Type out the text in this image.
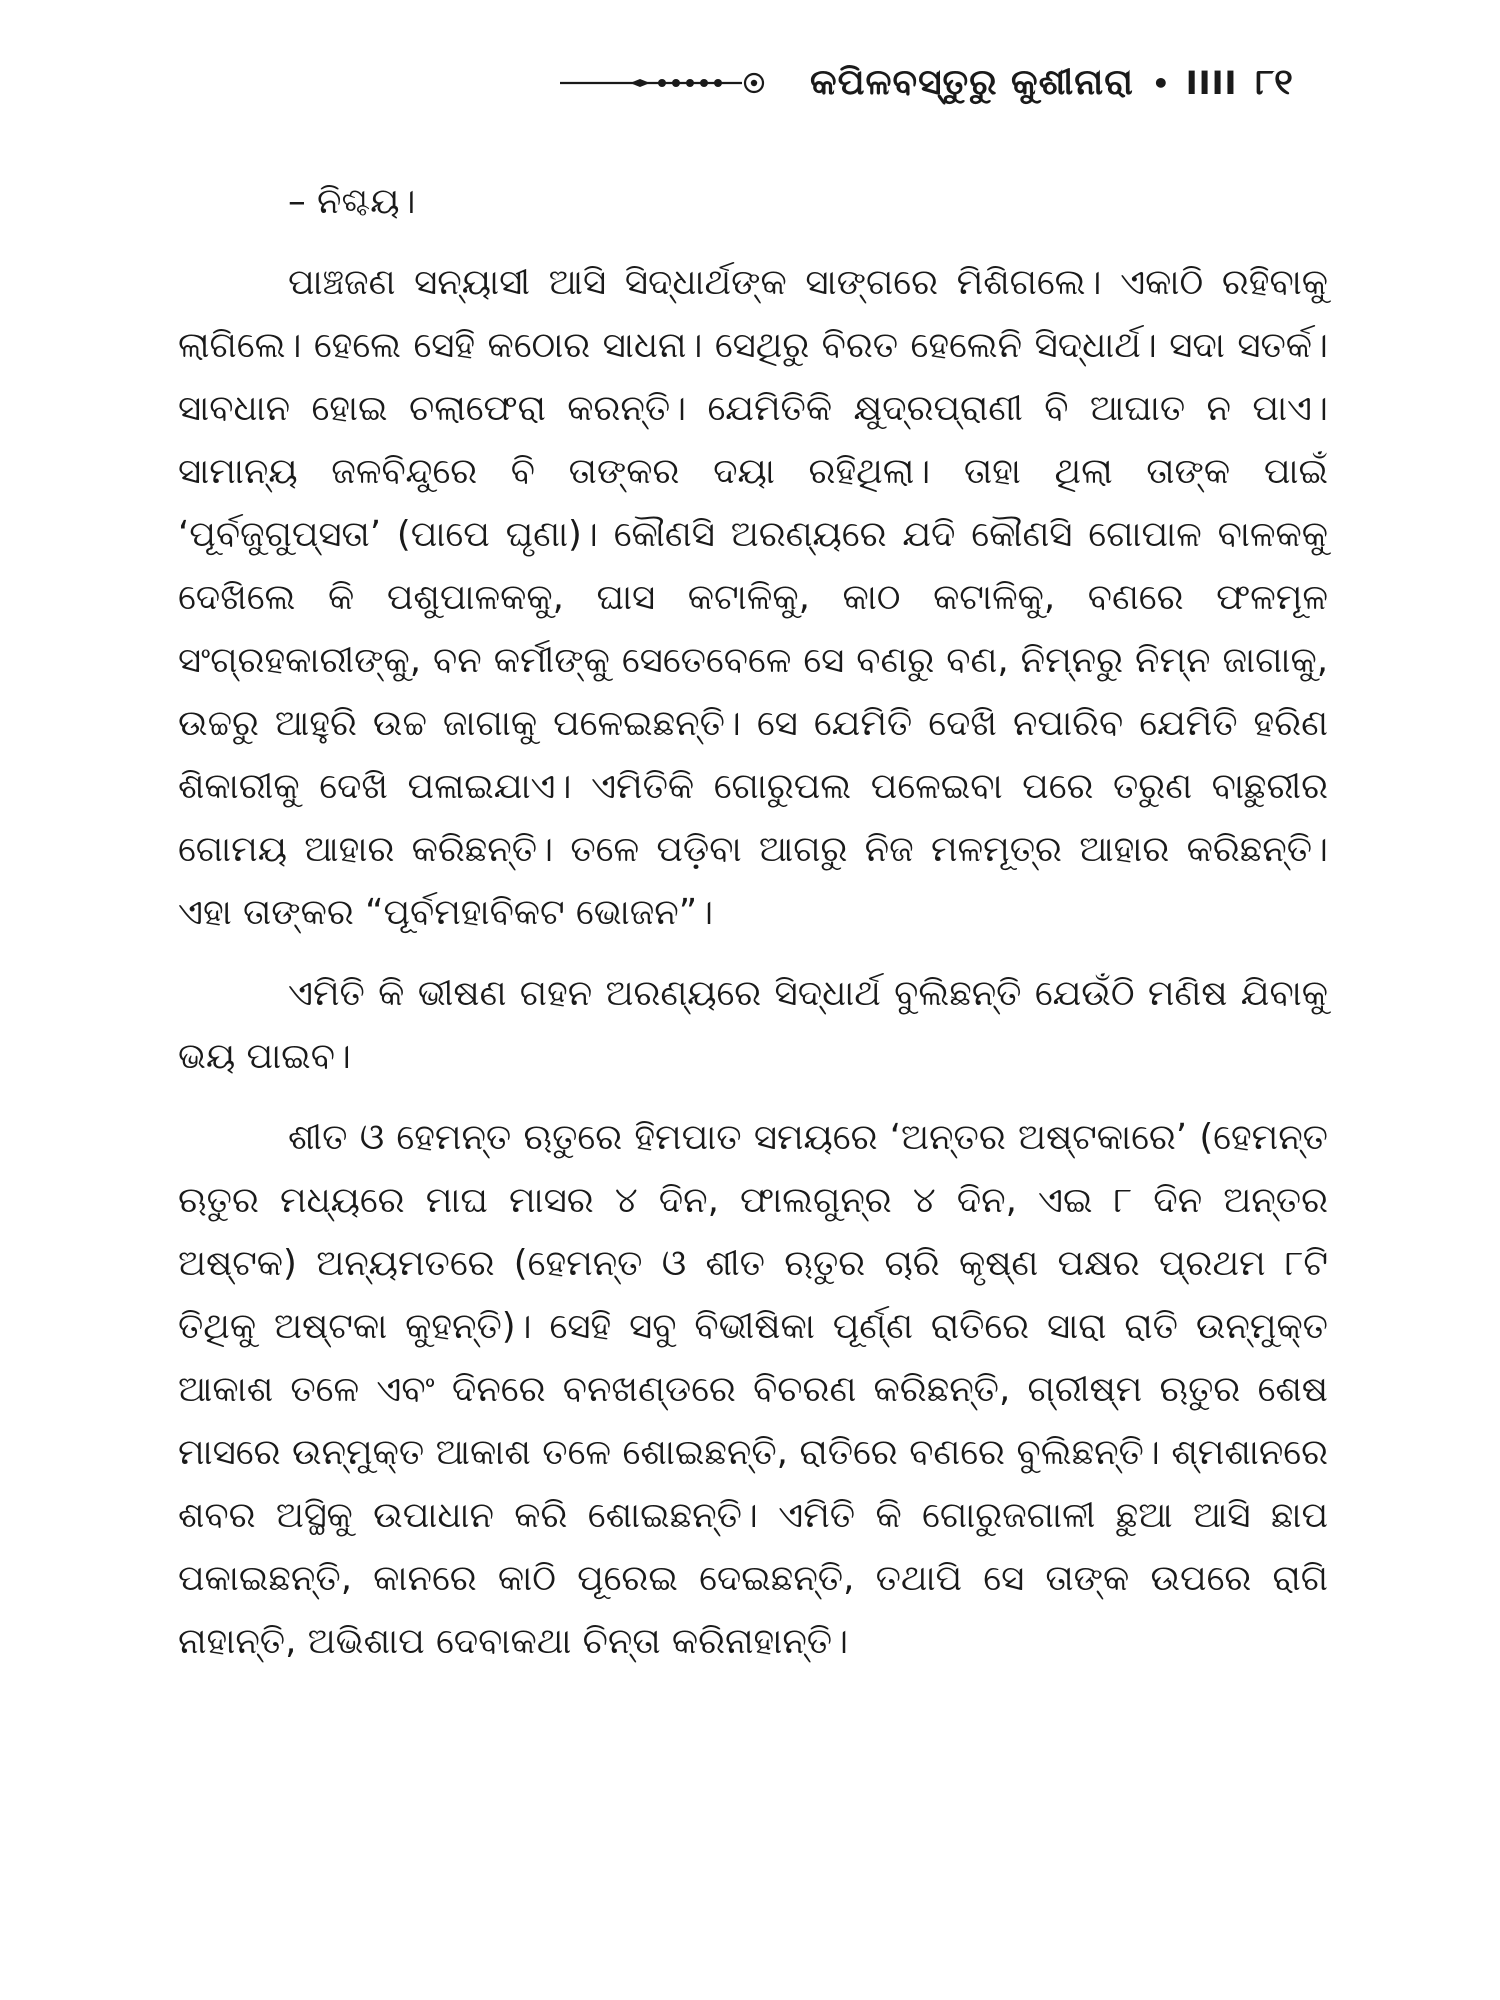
କପିଳବସ୍ତୁରୁ କୁଶୀନାରା • IIII ୮୧

– ନିଶ୍ଚୟ।

ପାଞ୍ଚଜଣ ସନ୍ୟାସୀ ଆସି ସିଦ୍ଧାର୍ଥଙ୍କ ସାଙ୍ଗରେ ମିଶିଗଲେ। ଏକାଠି ରହିବାକୁ ଲାଗିଲେ। ହେଲେ ସେହି କଠୋର ସାଧନା। ସେଥିରୁ ବିରତ ହେଲେନି ସିଦ୍ଧାର୍ଥ। ସଦା ସତର୍କ। ସାବଧାନ ହୋଇ ଚଲାଫେରା କରନ୍ତି। ଯେମିତିକି କ୍ଷୁଦ୍ରପ୍ରାଣୀ ବି ଆଘାତ ନ ପାଏ। ସାମାନ୍ୟ ଜଳବିନ୍ଦୁରେ ବି ତାଙ୍କର ଦୟା ରହିଥିଲା। ତାହା ଥିଲା ତାଙ୍କ ପାଇଁ ‘ପୂର୍ବଜୁଗୁପ୍ସତା’ (ପାପେ ଘୃଣା)। କୌଣସି ଅରଣ୍ୟରେ ଯଦି କୌଣସି ଗୋପାଳ ବାଳକକୁ ଦେଖିଲେ କି ପଶୁପାଳକକୁ, ଘାସ କଟାଳିକୁ, କାଠ କଟାଳିକୁ, ବଣରେ ଫଳମୂଳ ସଂଗ୍ରହକାରୀଙ୍କୁ, ବନ କର୍ମୀଙ୍କୁ ସେତେବେଳେ ସେ ବଣରୁ ବଣ, ନିମ୍ନରୁ ନିମ୍ନ ଜାଗାକୁ, ଉଚ୍ଚରୁ ଆହୁରି ଉଚ୍ଚ ଜାଗାକୁ ପଳେଇଛନ୍ତି। ସେ ଯେମିତି ଦେଖି ନପାରିବ ଯେମିତି ହରିଣ ଶିକାରୀକୁ ଦେଖି ପଳାଇଯାଏ। ଏମିତିକି ଗୋରୁପଲ ପଳେଇବା ପରେ ତରୁଣ ବାଛୁରୀର ଗୋମୟ ଆହାର କରିଛନ୍ତି। ତଳେ ପଡ଼ିବା ଆଗରୁ ନିଜ ମଳମୂତ୍ର ଆହାର କରିଛନ୍ତି। ଏହା ତାଙ୍କର “ପୂର୍ବମହାବିକଟ ଭୋଜନ”।

ଏମିତି କି ଭୀଷଣ ଗହନ ଅରଣ୍ୟରେ ସିଦ୍ଧାର୍ଥ ବୁଲିଛନ୍ତି ଯେଉଁଠି ମଣିଷ ଯିବାକୁ ଭୟ ପାଇବ।

ଶୀତ ଓ ହେମନ୍ତ ଋତୁରେ ହିମପାତ ସମୟରେ ‘ଅନ୍ତର ଅଷ୍ଟକାରେ’ (ହେମନ୍ତ ଋତୁର ମଧ୍ୟରେ ମାଘ ମାସର ୪ ଦିନ, ଫାଲଗୁନ୍‌ର ୪ ଦିନ, ଏଇ ୮ ଦିନ ଅନ୍ତର ଅଷ୍ଟକ) ଅନ୍ୟମତରେ (ହେମନ୍ତ ଓ ଶୀତ ଋତୁର ଚାରି କୃଷ୍ଣ ପକ୍ଷର ପ୍ରଥମ ୮ଟି ତିଥିକୁ ଅଷ୍ଟକା କୁହନ୍ତି)। ସେହି ସବୁ ବିଭୀଷିକା ପୂର୍ଣ୍ଣ ରାତିରେ ସାରା ରାତି ଉନ୍ମୁକ୍ତ ଆକାଶ ତଳେ ଏବଂ ଦିନରେ ବନଖଣ୍ଡରେ ବିଚରଣ କରିଛନ୍ତି, ଗ୍ରୀଷ୍ମ ଋତୁର ଶେଷ ମାସରେ ଉନ୍ମୁକ୍ତ ଆକାଶ ତଳେ ଶୋଇଛନ୍ତି, ରାତିରେ ବଣରେ ବୁଲିଛନ୍ତି। ଶ୍ମଶାନରେ ଶବର ଅସ୍ଥିକୁ ଉପାଧାନ କରି ଶୋଇଛନ୍ତି। ଏମିତି କି ଗୋରୁଜଗାଳୀ ଛୁଆ ଆସି ଛାପ ପକାଇଛନ୍ତି, କାନରେ କାଠି ପୂରେଇ ଦେଇଛନ୍ତି, ତଥାପି ସେ ତାଙ୍କ ଉପରେ ରାଗି ନାହାନ୍ତି, ଅଭିଶାପ ଦେବାକଥା ଚିନ୍ତା କରିନାହାନ୍ତି।
